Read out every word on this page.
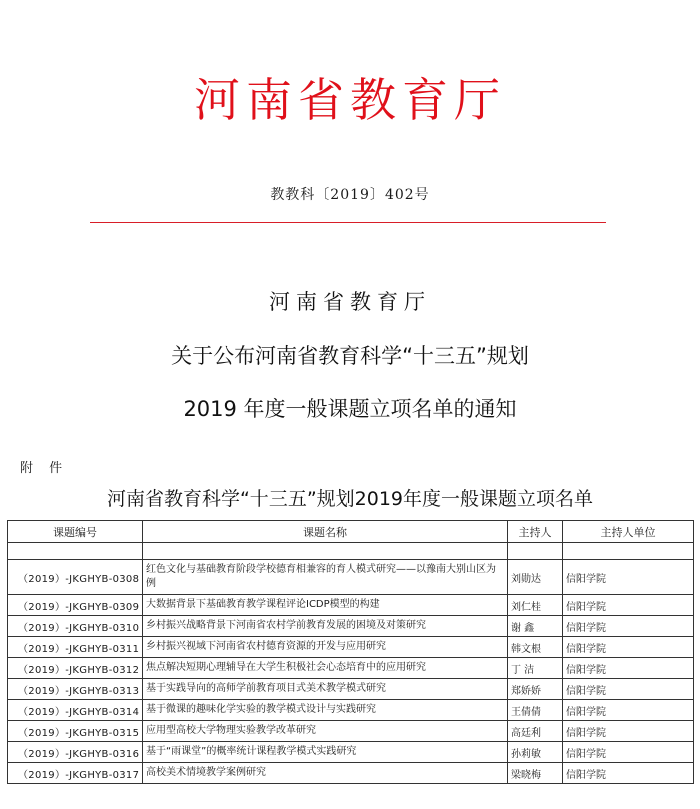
河南省教育厅
教教科〔2019〕402号
河南省教育厅
关于公布河南省教育科学“十三五”规划
2019 年度一般课题立项名单的通知
附 件
河南省教育科学“十三五”规划2019年度一般课题立项名单
课题编号	课题名称	主持人	主持人单位

（2019）-JKGHYB-0308	红色文化与基础教育阶段学校德育相兼容的育人模式研究——以豫南大别山区为例	刘勋达	信阳学院
（2019）-JKGHYB-0309	大数据背景下基础教育教学课程评论ICDP模型的构建	刘仁桂	信阳学院
（2019）-JKGHYB-0310	乡村振兴战略背景下河南省农村学前教育发展的困境及对策研究	谢 鑫	信阳学院
（2019）-JKGHYB-0311	乡村振兴视域下河南省农村德育资源的开发与应用研究	韩文根	信阳学院
（2019）-JKGHYB-0312	焦点解决短期心理辅导在大学生积极社会心态培育中的应用研究	丁 洁	信阳学院
（2019）-JKGHYB-0313	基于实践导向的高师学前教育项目式美术教学模式研究	郑娇娇	信阳学院
（2019）-JKGHYB-0314	基于微课的趣味化学实验的教学模式设计与实践研究	王倩倩	信阳学院
（2019）-JKGHYB-0315	应用型高校大学物理实验教学改革研究	高廷利	信阳学院
（2019）-JKGHYB-0316	基于“雨课堂”的概率统计课程教学模式实践研究	孙莉敏	信阳学院
（2019）-JKGHYB-0317	高校美术情境教学案例研究	梁晓梅	信阳学院
